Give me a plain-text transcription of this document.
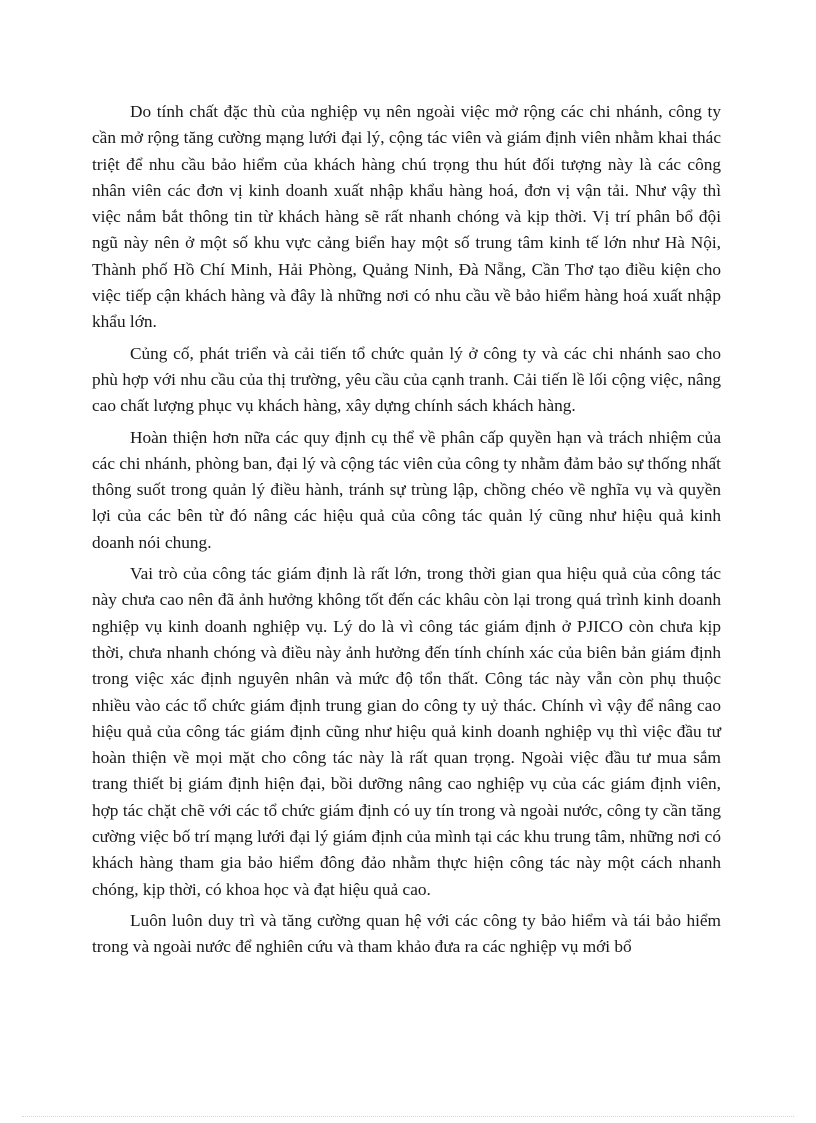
Do tính chất đặc thù của nghiệp vụ nên ngoài việc mở rộng các chi nhánh, công ty cần mở rộng tăng cường mạng lưới đại lý, cộng tác viên và giám định viên nhằm khai thác triệt để nhu cầu bảo hiểm của khách hàng chú trọng thu hút đối tượng này là các công nhân viên các đơn vị kinh doanh xuất nhập khẩu hàng hoá, đơn vị vận tải. Như vậy thì việc nắm bắt thông tin từ khách hàng sẽ rất nhanh chóng và kịp thời. Vị trí phân bổ đội ngũ này nên ở một số khu vực cảng biển hay một số trung tâm kinh tế lớn như Hà Nội, Thành phố Hồ Chí Minh, Hải Phòng, Quảng Ninh, Đà Nẵng, Cần Thơ tạo điều kiện cho việc tiếp cận khách hàng và đây là những nơi có nhu cầu về bảo hiểm hàng hoá xuất nhập khẩu lớn.

Củng cố, phát triển và cải tiến tổ chức quản lý ở công ty và các chi nhánh sao cho phù hợp với nhu cầu của thị trường, yêu cầu của cạnh tranh. Cải tiến lề lối cộng việc, nâng cao chất lượng phục vụ khách hàng, xây dựng chính sách khách hàng.

Hoàn thiện hơn nữa các quy định cụ thể về phân cấp quyền hạn và trách nhiệm của các chi nhánh, phòng ban, đại lý và cộng tác viên của công ty nhằm đảm bảo sự thống nhất thông suốt trong quản lý điều hành, tránh sự trùng lập, chồng chéo về nghĩa vụ và quyền lợi của các bên từ đó nâng các hiệu quả của công tác quản lý cũng như hiệu quả kinh doanh nói chung.

Vai trò của công tác giám định là rất lớn, trong thời gian qua hiệu quả của công tác này chưa cao nên đã ảnh hưởng không tốt đến các khâu còn lại trong quá trình kinh doanh nghiệp vụ kinh doanh nghiệp vụ. Lý do là vì công tác giám định ở PJICO còn chưa kịp thời, chưa nhanh chóng và điều này ảnh hưởng đến tính chính xác của biên bản giám định trong việc xác định nguyên nhân và mức độ tổn thất. Công tác này vẫn còn phụ thuộc nhiều vào các tổ chức giám định trung gian do công ty uỷ thác. Chính vì vậy để nâng cao hiệu quả của công tác giám định cũng như hiệu quả kinh doanh nghiệp vụ thì việc đầu tư hoàn thiện về mọi mặt cho công tác này là rất quan trọng. Ngoài việc đầu tư mua sắm trang thiết bị giám định hiện đại, bồi dưỡng nâng cao nghiệp vụ của các giám định viên, hợp tác chặt chẽ với các tổ chức giám định có uy tín trong và ngoài nước, công ty cần tăng cường việc bố trí mạng lưới đại lý giám định của mình tại các khu trung tâm, những nơi có khách hàng tham gia bảo hiểm đông đảo nhằm thực hiện công tác này một cách nhanh chóng, kịp thời, có khoa học và đạt hiệu quả cao.

Luôn luôn duy trì và tăng cường quan hệ với các công ty bảo hiểm và tái bảo hiểm trong và ngoài nước để nghiên cứu và tham khảo đưa ra các nghiệp vụ mới bổ
